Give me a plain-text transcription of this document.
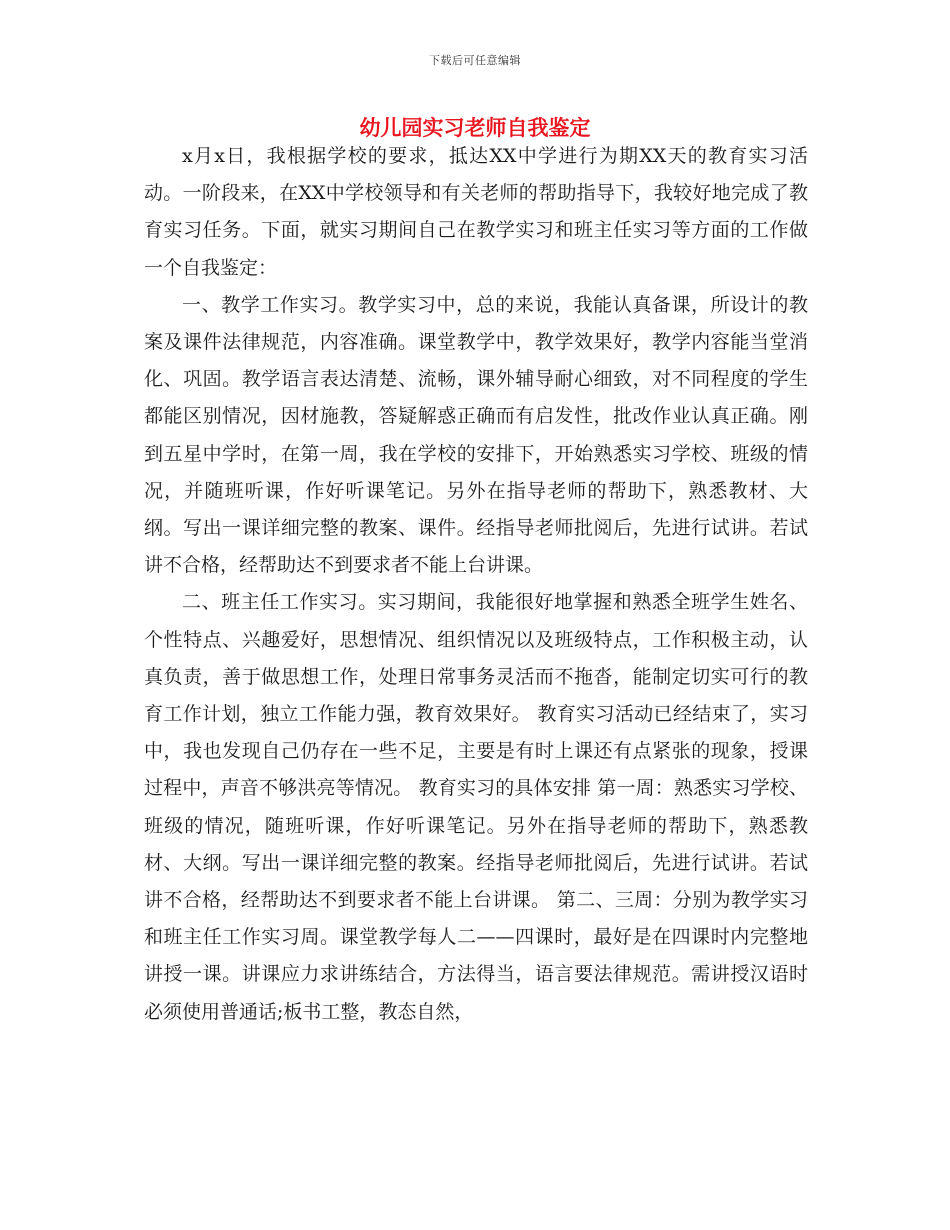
下载后可任意编辑
幼儿园实习老师自我鉴定

x月x日，我根据学校的要求，抵达XX中学进行为期XX天的教育实习活动。一阶段来，在XX中学校领导和有关老师的帮助指导下，我较好地完成了教育实习任务。下面，就实习期间自己在教学实习和班主任实习等方面的工作做一个自我鉴定：

一、教学工作实习。教学实习中，总的来说，我能认真备课，所设计的教案及课件法律规范，内容准确。课堂教学中，教学效果好，教学内容能当堂消化、巩固。教学语言表达清楚、流畅，课外辅导耐心细致，对不同程度的学生都能区别情况，因材施教，答疑解惑正确而有启发性，批改作业认真正确。刚到五星中学时，在第一周，我在学校的安排下，开始熟悉实习学校、班级的情况，并随班听课，作好听课笔记。另外在指导老师的帮助下，熟悉教材、大纲。写出一课详细完整的教案、课件。经指导老师批阅后，先进行试讲。若试讲不合格，经帮助达不到要求者不能上台讲课。

二、班主任工作实习。实习期间，我能很好地掌握和熟悉全班学生姓名、个性特点、兴趣爱好，思想情况、组织情况以及班级特点，工作积极主动，认真负责，善于做思想工作，处理日常事务灵活而不拖沓，能制定切实可行的教育工作计划，独立工作能力强，教育效果好。 教育实习活动已经结束了，实习中，我也发现自己仍存在一些不足，主要是有时上课还有点紧张的现象，授课过程中，声音不够洪亮等情况。 教育实习的具体安排 第一周：熟悉实习学校、班级的情况，随班听课，作好听课笔记。另外在指导老师的帮助下，熟悉教材、大纲。写出一课详细完整的教案。经指导老师批阅后，先进行试讲。若试讲不合格，经帮助达不到要求者不能上台讲课。 第二、三周：分别为教学实习和班主任工作实习周。课堂教学每人二——四课时，最好是在四课时内完整地讲授一课。讲课应力求讲练结合，方法得当，语言要法律规范。需讲授汉语时必须使用普通话;板书工整，教态自然，
